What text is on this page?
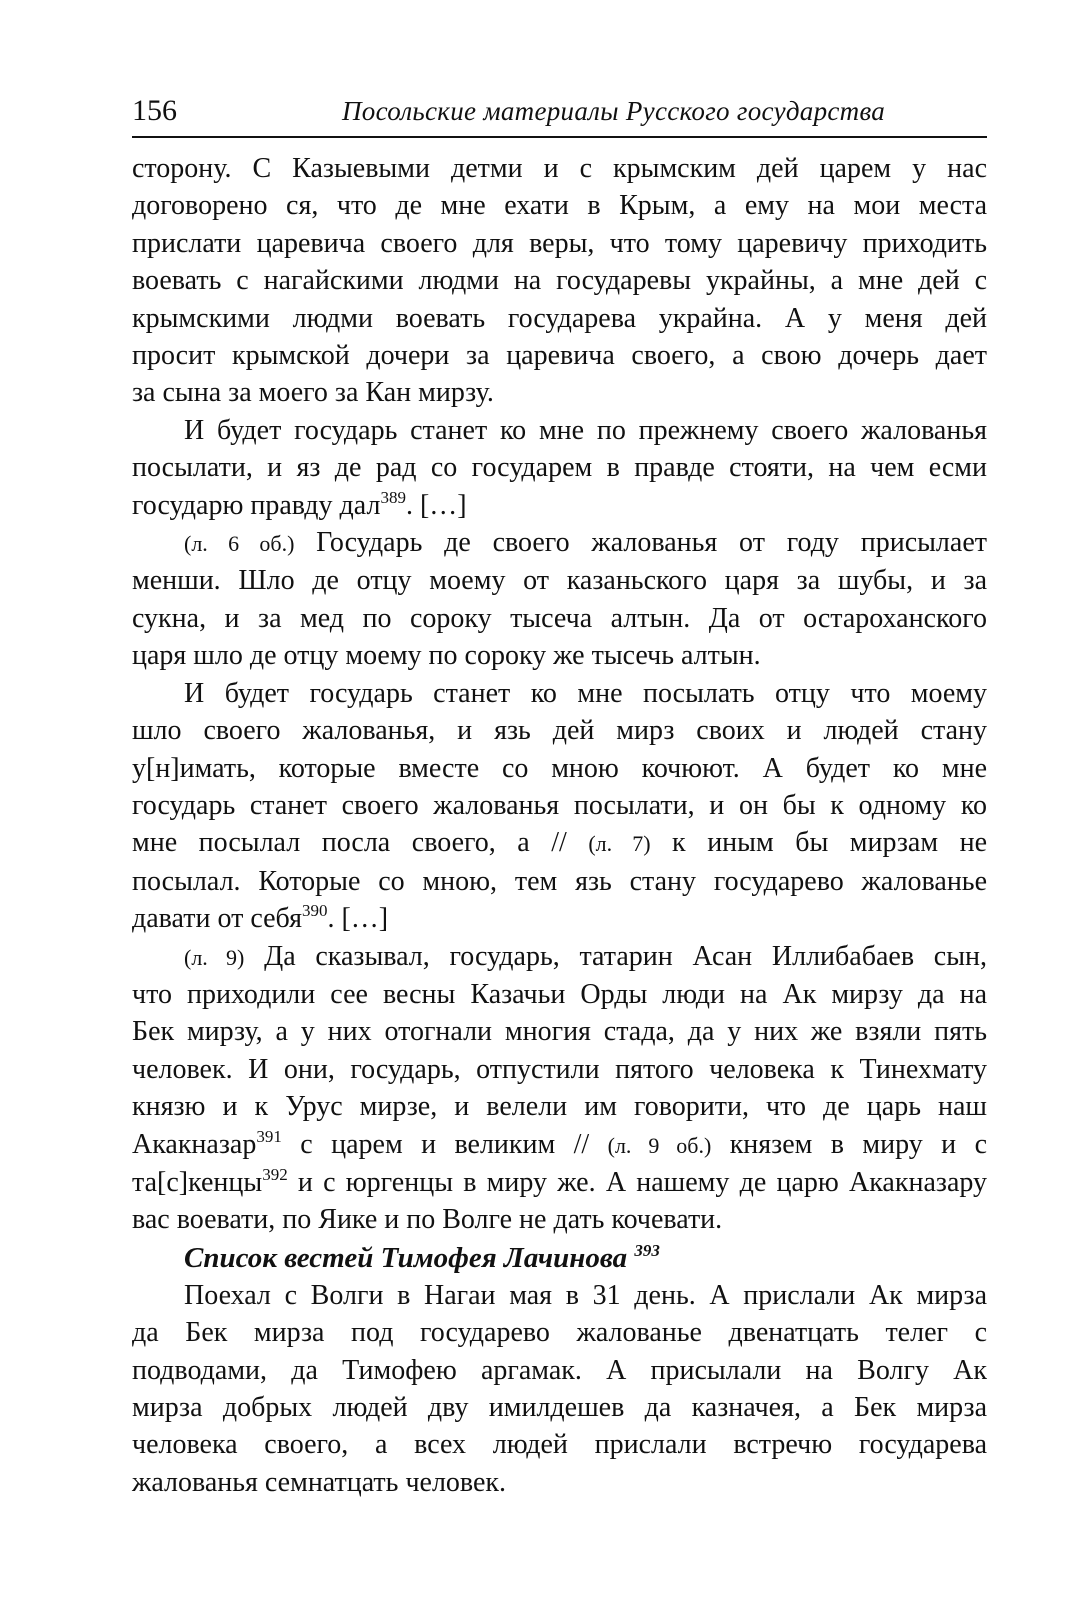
156	Посольские материалы Русского государства
сторону. С Казыевыми детми и с крымским дей царем у нас
договорено ся, что де мне ехати в Крым, а ему на мои места
прислати царевича своего для веры, что тому царевичу приходить
воевать с нагайскими людми на государевы украйны, а мне дей с
крымскими людми воевать государева украйна. А у меня дей
просит крымской дочери за царевича своего, а свою дочерь дает
за сына за моего за Кан мирзу.
И будет государь станет ко мне по прежнему своего жалованья
посылати, и яз де рад со государем в правде стояти, на чем есми
государю правду дал$^{389}$. […]
(л. 6 об.) Государь де своего жалованья от году присылает
менши. Шло де отцу моему от казаньского царя за шубы, и за
сукна, и за мед по сороку тысеча алтын. Да от остароханского
царя шло де отцу моему по сороку же тысечь алтын.
И будет государь станет ко мне посылать отцу что моему
шло своего жалованья, и язь дей мирз своих и людей стану
у[н]имать, которые вместе со мною кочюют. А будет ко мне
государь станет своего жалованья посылати, и он бы к одному ко
мне посылал посла своего, а // (л. 7) к иным бы мирзам не
посылал. Которые со мною, тем язь стану государево жалованье
давати от себя$^{390}$. […]
(л. 9) Да сказывал, государь, татарин Асан Иллибабаев сын,
что приходили сее весны Казачьи Орды люди на Ак мирзу да на
Бек мирзу, а у них отогнали многия стада, да у них же взяли пять
человек. И они, государь, отпустили пятого человека к Тинехмату
князю и к Урус мирзе, и велели им говорити, что де царь наш
Акакназар$^{391}$ с царем и великим // (л. 9 об.) князем в миру и с
та[с]кенцы$^{392}$ и с юргенцы в миру же. А нашему де царю Акакназару
вас воевати, по Яике и по Волге не дать кочевати.
Список вестей Тимофея Лачинова $^{393}$
Поехал с Волги в Нагаи мая в 31 день. А прислали Ак мирза
да Бек мирза под государево жалованье двенатцать телег с
подводами, да Тимофею аргамак. А присылали на Волгу Ак
мирза добрых людей дву имилдешев да казначея, а Бек мирза
человека своего, а всех людей прислали встречю государева
жалованья семнатцать человек.
